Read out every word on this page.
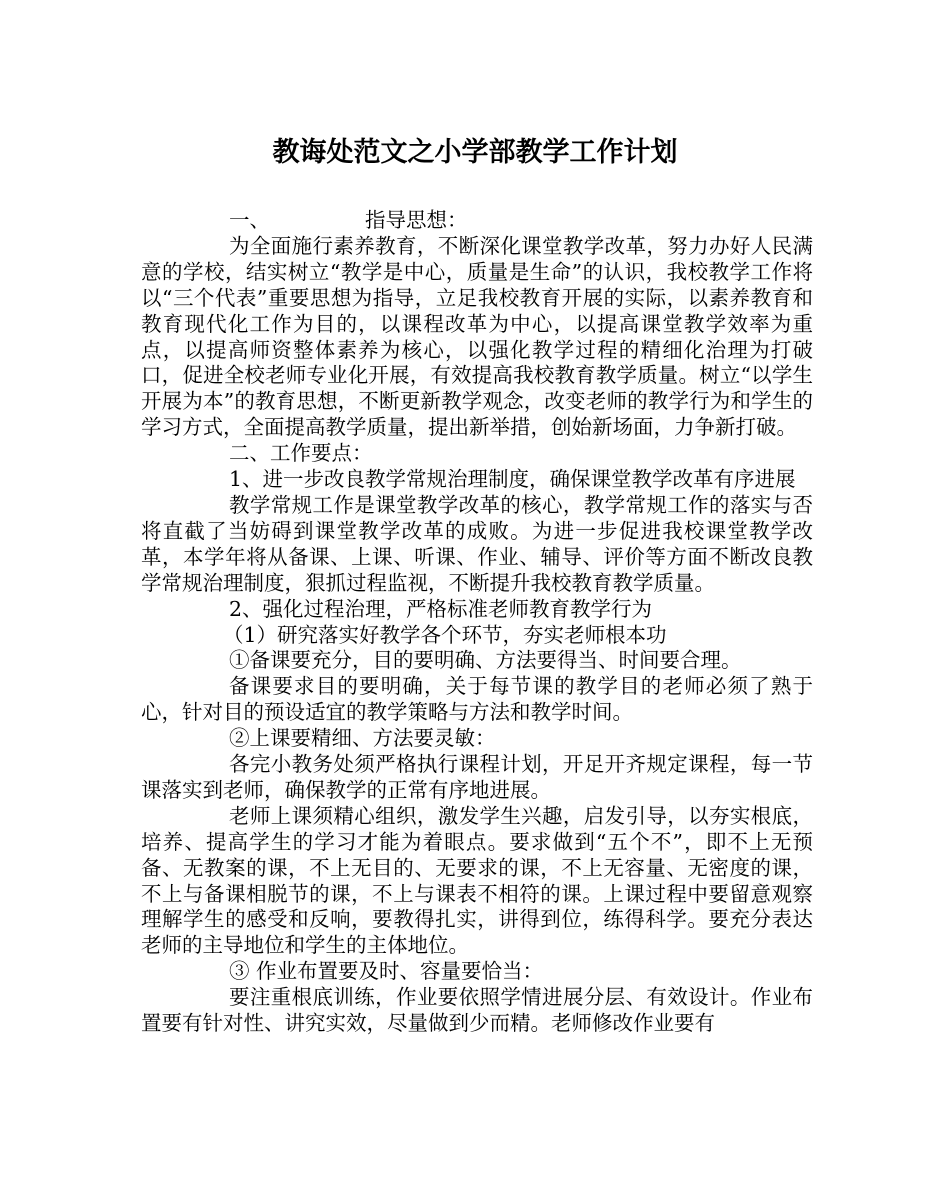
教诲处范文之小学部教学工作计划

一、	指导思想：

为全面施行素养教育，不断深化课堂教学改革，努力办好人民满意的学校，结实树立“教学是中心，质量是生命”的认识，我校教学工作将以“三个代表”重要思想为指导，立足我校教育开展的实际，以素养教育和教育现代化工作为目的，以课程改革为中心，以提高课堂教学效率为重点，以提高师资整体素养为核心，以强化教学过程的精细化治理为打破口，促进全校老师专业化开展，有效提高我校教育教学质量。树立“以学生开展为本”的教育思想，不断更新教学观念，改变老师的教学行为和学生的学习方式，全面提高教学质量，提出新举措，创始新场面，力争新打破。

二、工作要点：

1、进一步改良教学常规治理制度，确保课堂教学改革有序进展

教学常规工作是课堂教学改革的核心，教学常规工作的落实与否将直截了当妨碍到课堂教学改革的成败。为进一步促进我校课堂教学改革，本学年将从备课、上课、听课、作业、辅导、评价等方面不断改良教学常规治理制度，狠抓过程监视，不断提升我校教育教学质量。

2、强化过程治理，严格标准老师教育教学行为

（1）研究落实好教学各个环节，夯实老师根本功

①备课要充分，目的要明确、方法要得当、时间要合理。

备课要求目的要明确，关于每节课的教学目的老师必须了熟于心，针对目的预设适宜的教学策略与方法和教学时间。

②上课要精细、方法要灵敏：

各完小教务处须严格执行课程计划，开足开齐规定课程，每一节课落实到老师，确保教学的正常有序地进展。

老师上课须精心组织，激发学生兴趣，启发引导，以夯实根底，培养、提高学生的学习才能为着眼点。要求做到“五个不”，即不上无预备、无教案的课，不上无目的、无要求的课，不上无容量、无密度的课，不上与备课相脱节的课，不上与课表不相符的课。上课过程中要留意观察理解学生的感受和反响，要教得扎实，讲得到位，练得科学。要充分表达老师的主导地位和学生的主体地位。

③ 作业布置要及时、容量要恰当：

要注重根底训练，作业要依照学情进展分层、有效设计。作业布置要有针对性、讲究实效，尽量做到少而精。老师修改作业要有
